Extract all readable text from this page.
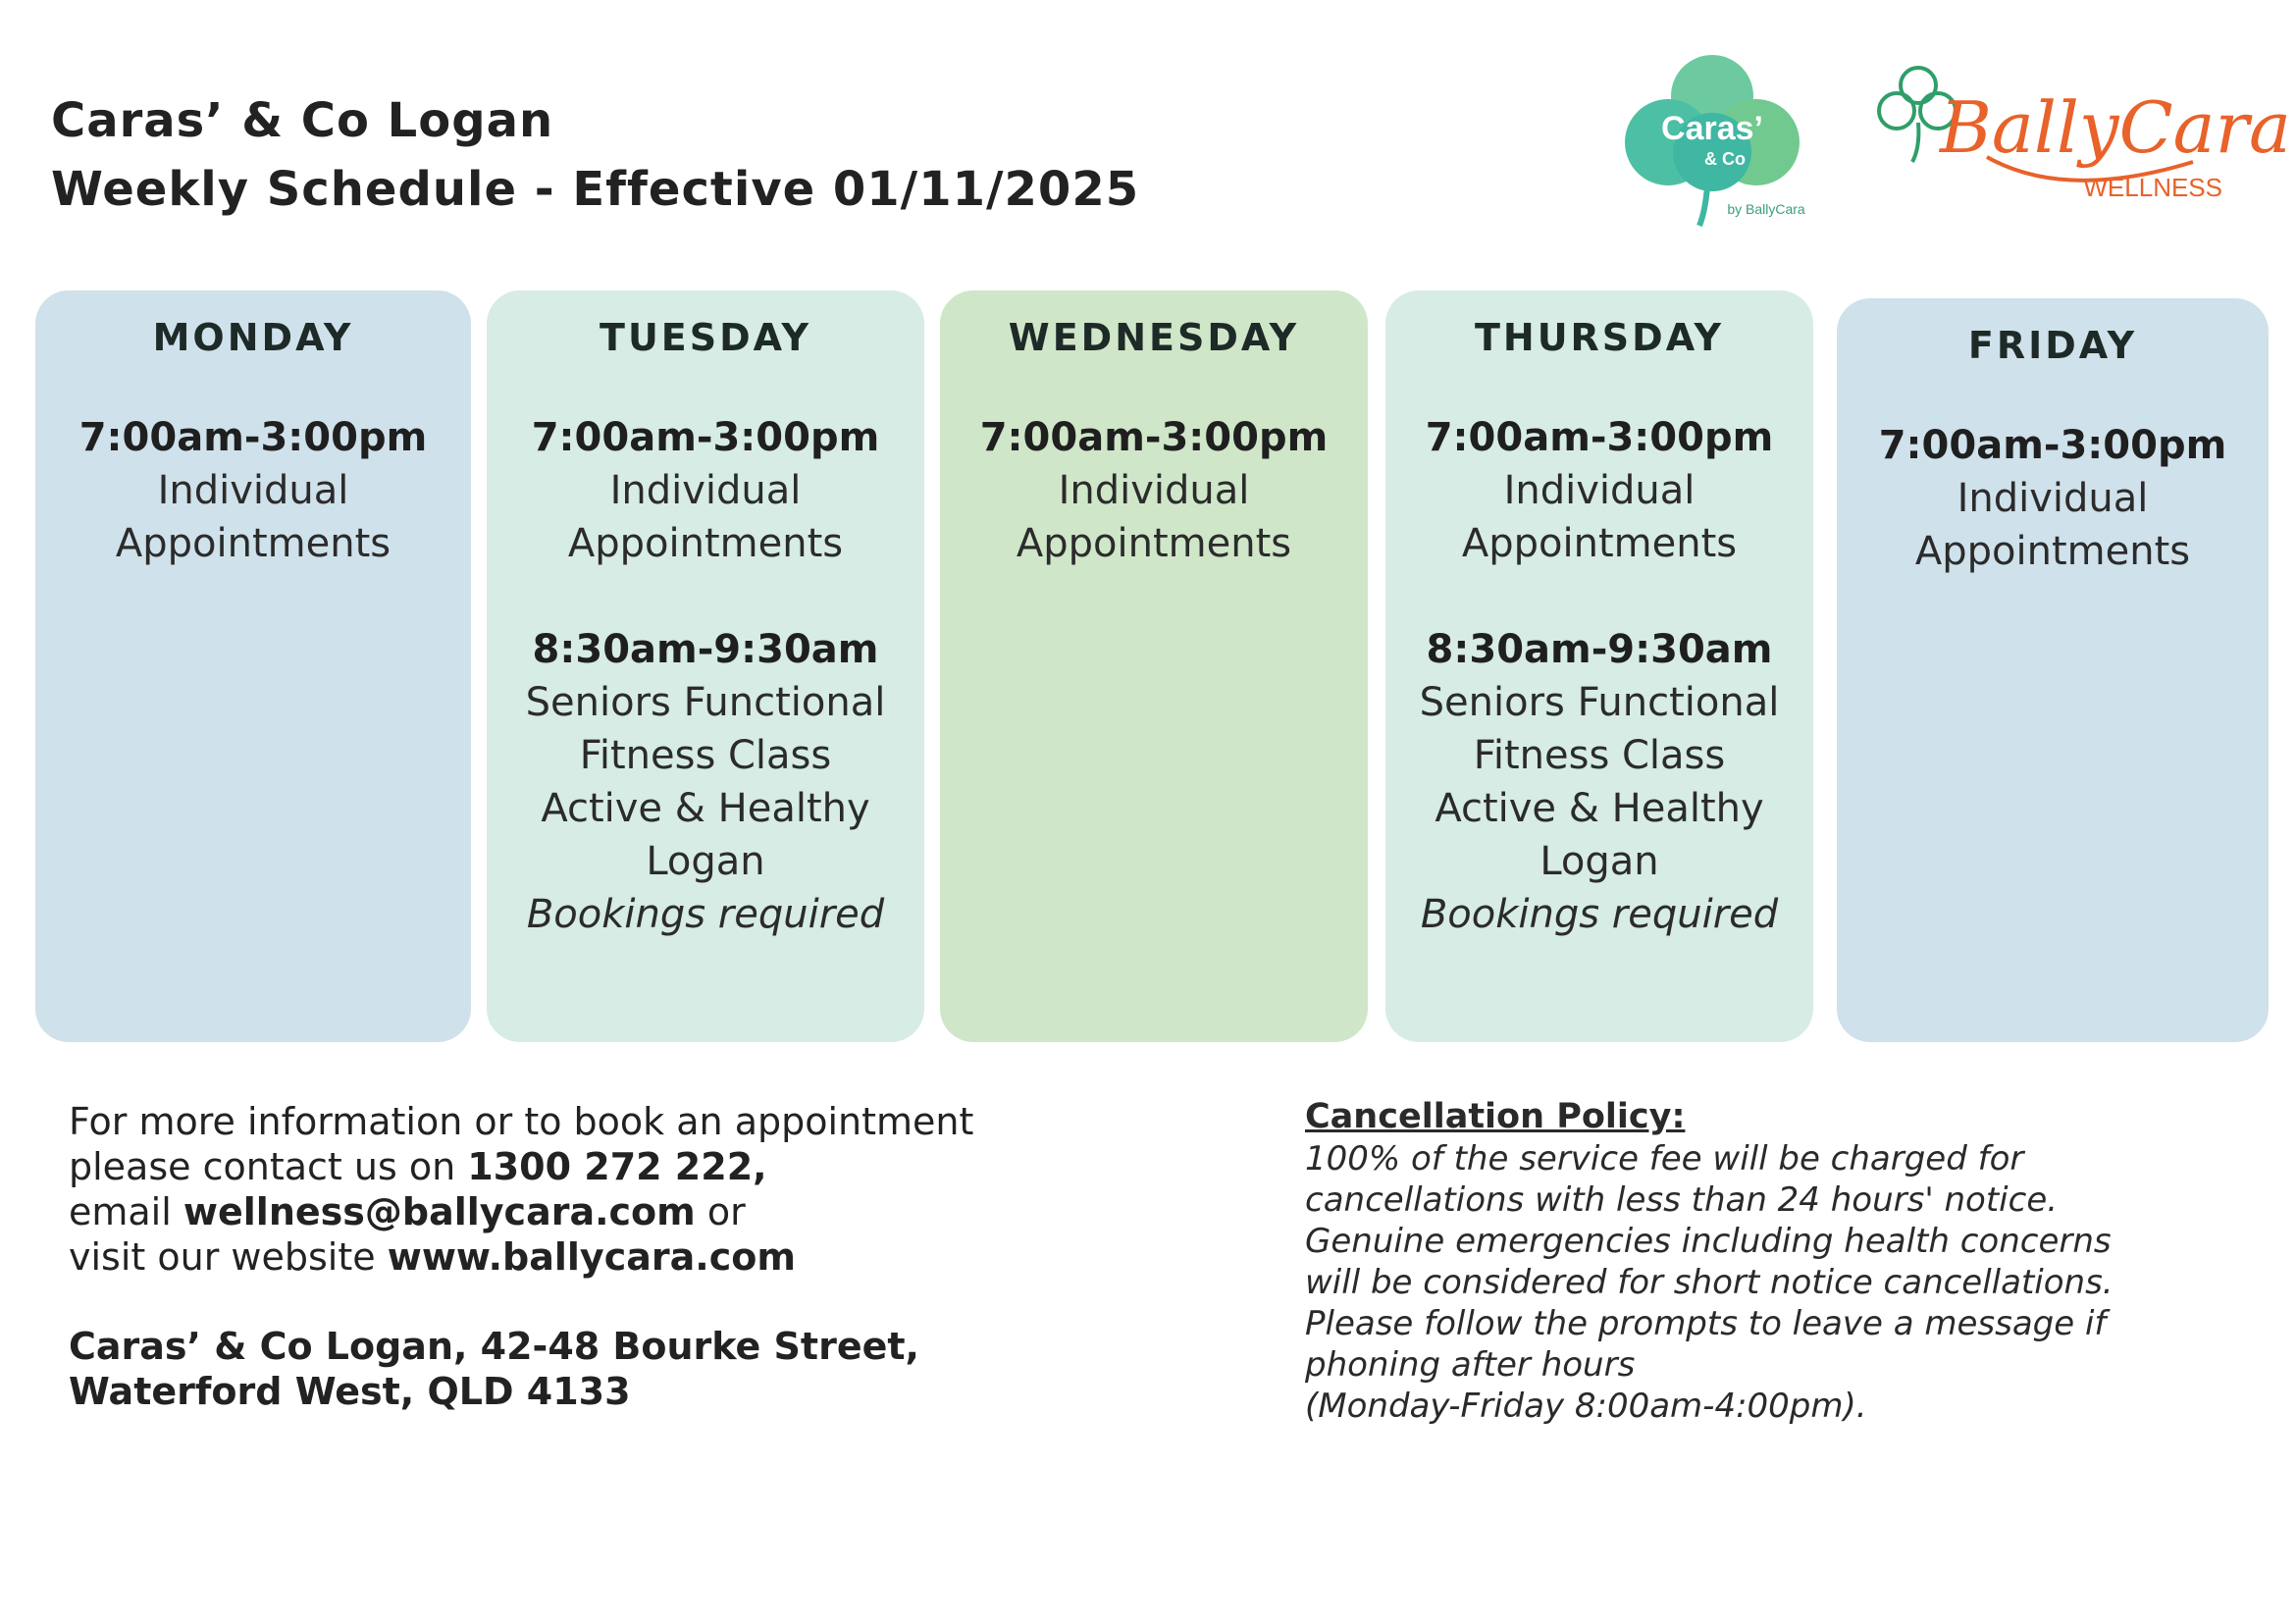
Caras’ & Co Logan
Weekly Schedule - Effective 01/11/2025
Caras’
& Co
by BallyCara
BallyCara
WELLNESS
MONDAY
7:00am-3:00pm
Individual
Appointments
TUESDAY
7:00am-3:00pm
Individual
Appointments
8:30am-9:30am
Seniors Functional
Fitness Class
Active & Healthy
Logan
Bookings required
WEDNESDAY
7:00am-3:00pm
Individual
Appointments
THURSDAY
7:00am-3:00pm
Individual
Appointments
8:30am-9:30am
Seniors Functional
Fitness Class
Active & Healthy
Logan
Bookings required
FRIDAY
7:00am-3:00pm
Individual
Appointments
For more information or to book an appointment
please contact us on 1300 272 222,
email wellness@ballycara.com or
visit our website www.ballycara.com
Caras’ & Co Logan, 42-48 Bourke Street,
Waterford West, QLD 4133
Cancellation Policy:
100% of the service fee will be charged for
cancellations with less than 24 hours' notice.
Genuine emergencies including health concerns
will be considered for short notice cancellations.
Please follow the prompts to leave a message if
phoning after hours
(Monday-Friday 8:00am-4:00pm).
